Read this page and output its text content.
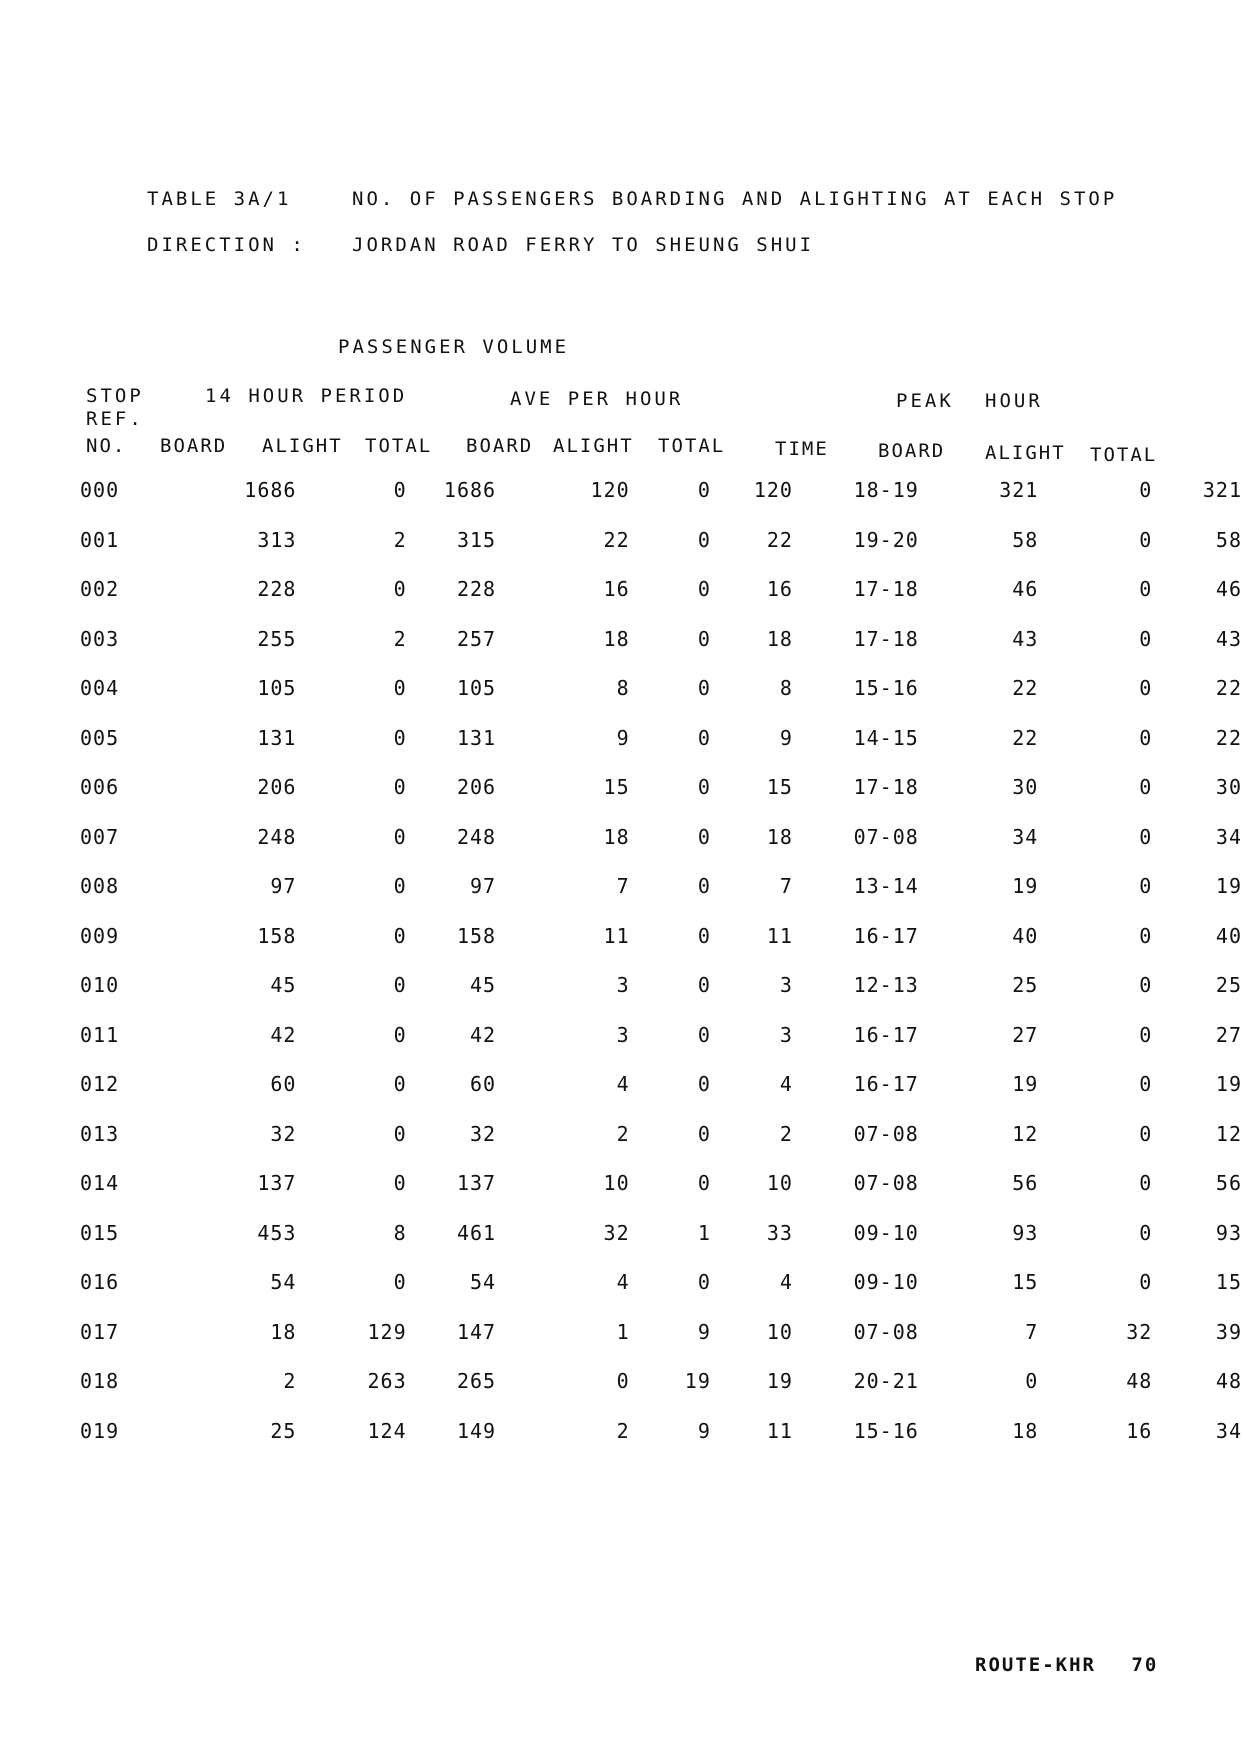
TABLE 3A/1	NO. OF PASSENGERS BOARDING AND ALIGHTING AT EACH STOP
DIRECTION : JORDAN ROAD FERRY TO SHEUNG SHUI
PASSENGER VOLUME
STOP
REF.
14 HOUR PERIOD	AVE PER HOUR	PEAK HOUR
NO. BOARD ALIGHT TOTAL BOARD ALIGHT TOTAL	TIME	BOARD ALIGHT TOTAL
000	1686	0	1686	120	0	120	18-19	321	0	321
001	313	2	315	22	0	22	19-20	58	0	58
002	228	0	228	16	0	16	17-18	46	0	46
003	255	2	257	18	0	18	17-18	43	0	43
004	105	0	105	8	0	8	15-16	22	0	22
005	131	0	131	9	0	9	14-15	22	0	22
006	206	0	206	15	0	15	17-18	30	0	30
007	248	0	248	18	0	18	07-08	34	0	34
008	97	0	97	7	0	7	13-14	19	0	19
009	158	0	158	11	0	11	16-17	40	0	40
010	45	0	45	3	0	3	12-13	25	0	25
011	42	0	42	3	0	3	16-17	27	0	27
012	60	0	60	4	0	4	16-17	19	0	19
013	32	0	32	2	0	2	07-08	12	0	12
014	137	0	137	10	0	10	07-08	56	0	56
015	453	8	461	32	1	33	09-10	93	0	93
016	54	0	54	4	0	4	09-10	15	0	15
017	18	129	147	1	9	10	07-08	7	32	39
018	2	263	265	0	19	19	20-21	0	48	48
019	25	124	149	2	9	11	15-16	18	16	34
ROUTE-KHR 70
